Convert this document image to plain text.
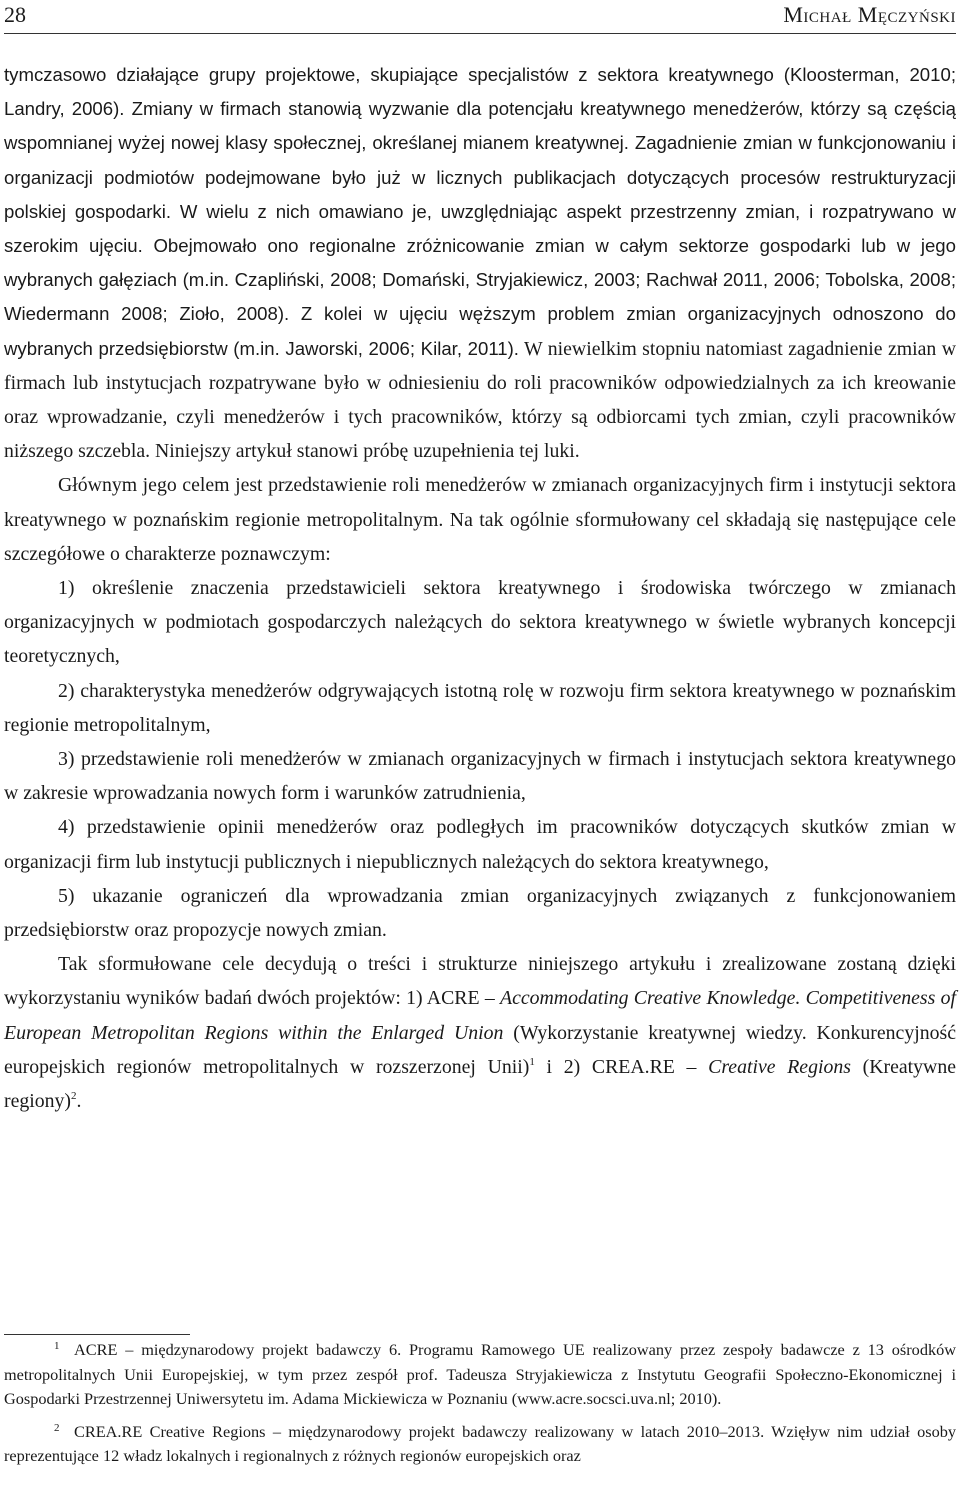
28	Michał Męczyński

tymczasowo działające grupy projektowe, skupiające specjalistów z sektora kreatywnego (Kloosterman, 2010; Landry, 2006). Zmiany w firmach stanowią wyzwanie dla potencjału kreatywnego menedżerów, którzy są częścią wspomnianej wyżej nowej klasy społecznej, określanej mianem kreatywnej. Zagadnienie zmian w funkcjonowaniu i organizacji podmiotów podejmowane było już w licznych publikacjach dotyczących procesów restrukturyzacji polskiej gospodarki. W wielu z nich omawiano je, uwzględniając aspekt przestrzenny zmian, i rozpatrywano w szerokim ujęciu. Obejmowało ono regionalne zróżnicowanie zmian w całym sektorze gospodarki lub w jego wybranych gałęziach (m.in. Czapliński, 2008; Domański, Stryjakiewicz, 2003; Rachwał 2011, 2006; Tobolska, 2008; Wiedermann 2008; Zioło, 2008). Z kolei w ujęciu węższym problem zmian organizacyjnych odnoszono do wybranych przedsiębiorstw (m.in. Jaworski, 2006; Kilar, 2011). W niewielkim stopniu natomiast zagadnienie zmian w firmach lub instytucjach rozpatrywane było w odniesieniu do roli pracowników odpowiedzialnych za ich kreowanie oraz wprowadzanie, czyli menedżerów i tych pracowników, którzy są odbiorcami tych zmian, czyli pracowników niższego szczebla. Niniejszy artykuł stanowi próbę uzupełnienia tej luki.

Głównym jego celem jest przedstawienie roli menedżerów w zmianach organizacyjnych firm i instytucji sektora kreatywnego w poznańskim regionie metropolitalnym. Na tak ogólnie sformułowany cel składają się następujące cele szczegółowe o charakterze poznawczym:

1) określenie znaczenia przedstawicieli sektora kreatywnego i środowiska twórczego w zmianach organizacyjnych w podmiotach gospodarczych należących do sektora kreatywnego w świetle wybranych koncepcji teoretycznych,

2) charakterystyka menedżerów odgrywających istotną rolę w rozwoju firm sektora kreatywnego w poznańskim regionie metropolitalnym,

3) przedstawienie roli menedżerów w zmianach organizacyjnych w firmach i instytucjach sektora kreatywnego w zakresie wprowadzania nowych form i warunków zatrudnienia,

4) przedstawienie opinii menedżerów oraz podległych im pracowników dotyczących skutków zmian w organizacji firm lub instytucji publicznych i niepublicznych należących do sektora kreatywnego,

5) ukazanie ograniczeń dla wprowadzania zmian organizacyjnych związanych z funkcjonowaniem przedsiębiorstw oraz propozycje nowych zmian.

Tak sformułowane cele decydują o treści i strukturze niniejszego artykułu i zrealizowane zostaną dzięki wykorzystaniu wyników badań dwóch projektów: 1) ACRE – Accommodating Creative Knowledge. Competitiveness of European Metropolitan Regions within the Enlarged Union (Wykorzystanie kreatywnej wiedzy. Konkurencyjność europejskich regionów metropolitalnych w rozszerzonej Unii)$^1$ i 2) CREA.RE – Creative Regions (Kreatywne regiony)$^2$.

1 ACRE – międzynarodowy projekt badawczy 6. Programu Ramowego UE realizowany przez zespoły badawcze z 13 ośrodków metropolitalnych Unii Europejskiej, w tym przez zespół prof. Tadeusza Stryjakiewicza z Instytutu Geografii Społeczno-Ekonomicznej i Gospodarki Przestrzennej Uniwersytetu im. Adama Mickiewicza w Poznaniu (www.acre.socsci.uva.nl; 2010).

2 CREA.RE Creative Regions – międzynarodowy projekt badawczy realizowany w latach 2010–2013. Wzięływ nim udział osoby reprezentujące 12 władz lokalnych i regionalnych z różnych regionów europejskich oraz
